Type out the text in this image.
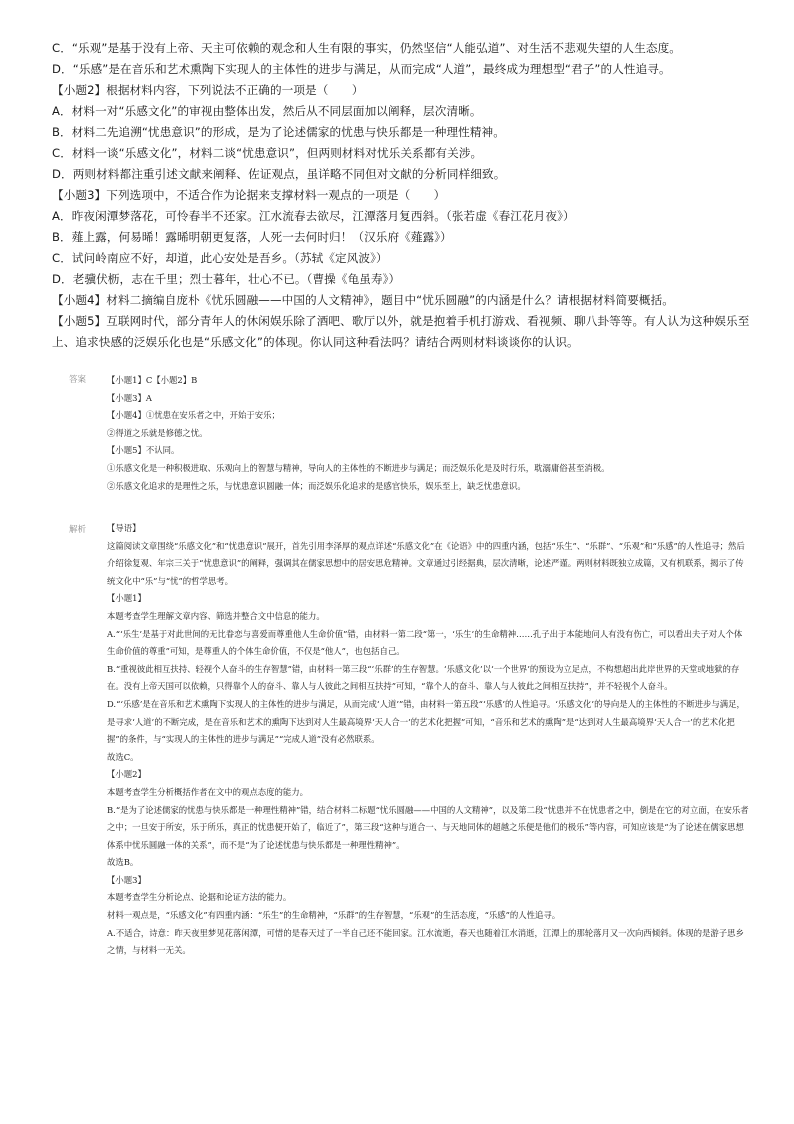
C．“乐观”是基于没有上帝、天主可依赖的观念和人生有限的事实，仍然坚信“人能弘道”、对生活不悲观失望的人生态度。
D．“乐感”是在音乐和艺术熏陶下实现人的主体性的进步与满足，从而完成“人道”，最终成为理想型“君子”的人性追寻。
【小题2】根据材料内容，下列说法不正确的一项是（　　）
A．材料一对“乐感文化”的审视由整体出发，然后从不同层面加以阐释，层次清晰。
B．材料二先追溯“忧患意识”的形成，是为了论述儒家的忧患与快乐都是一种理性精神。
C．材料一谈“乐感文化”，材料二谈“忧患意识”，但两则材料对忧乐关系都有关涉。
D．两则材料都注重引述文献来阐释、佐证观点，虽详略不同但对文献的分析同样细致。
【小题3】下列选项中，不适合作为论据来支撑材料一观点的一项是（　　）
A．昨夜闲潭梦落花，可怜春半不还家。江水流春去欲尽，江潭落月复西斜。（张若虚《春江花月夜》）
B．薤上露，何易晞！露晞明朝更复落，人死一去何时归！（汉乐府《薤露》）
C．试问岭南应不好，却道，此心安处是吾乡。（苏轼《定风波》）
D．老骥伏枥，志在千里；烈士暮年，壮心不已。（曹操《龟虽寿》）
【小题4】材料二摘编自庞朴《忧乐圆融——中国的人文精神》，题目中“忧乐圆融”的内涵是什么？请根据材料简要概括。
【小题5】互联网时代，部分青年人的休闲娱乐除了酒吧、歌厅以外，就是抱着手机打游戏、看视频、聊八卦等等。有人认为这种娱乐至上、追求快感的泛娱乐化也是“乐感文化”的体现。你认同这种看法吗？请结合两则材料谈谈你的认识。
答案 【小题1】C【小题2】B
【小题3】A
【小题4】①忧患在安乐者之中，开始于安乐；
②得道之乐就是修德之忧。
【小题5】不认同。
①乐感文化是一种积极进取、乐观向上的智慧与精神，导向人的主体性的不断进步与满足；而泛娱乐化是及时行乐，耽溺庸俗甚至消极。
②乐感文化追求的是理性之乐，与忧患意识圆融一体；而泛娱乐化追求的是感官快乐，娱乐至上，缺乏忧患意识。
解析 【导语】
这篇阅读文章围绕“乐感文化”和“忧患意识”展开，首先引用李泽厚的观点详述“乐感文化”在《论语》中的四重内涵，包括“乐生”、“乐群”、“乐观”和“乐感”的人性追寻；然后介绍徐复观、年宗三关于“忧患意识”的阐释，强调其在儒家思想中的居安思危精神。文章通过引经据典，层次清晰，论述严谨。两则材料既独立成篇，又有机联系，揭示了传统文化中“乐”与“忧”的哲学思考。
【小题1】
本题考查学生理解文章内容、筛选并整合文中信息的能力。
A.“‘乐生’是基于对此世间的无比眷恋与喜爱而尊重他人生命价值”错，由材料一第二段“第一，‘乐生’的生命精神……孔子出于本能地问人有没有伤亡，可以看出夫子对人个体生命价值的尊重”可知，是尊重人的个体生命价值，不仅是“他人”，也包括自己。
B.“重视彼此相互扶持、轻视个人奋斗的生存智慧”错，由材料一第三段“‘乐群’的生存智慧。‘乐感文化’以‘一个世界’的预设为立足点，不构想超出此岸世界的天堂或地狱的存在。没有上帝天国可以依赖，只得靠个人的奋斗、靠人与人彼此之间相互扶持”可知，“靠个人的奋斗、靠人与人彼此之间相互扶持”，并不轻视个人奋斗。
D.“‘乐感’是在音乐和艺术熏陶下实现人的主体性的进步与满足，从而完成‘人道’”错，由材料一第五段“‘乐感’的人性追寻。‘乐感文化’的导向是人的主体性的不断进步与满足，是寻求‘人道’的不断完成，是在音乐和艺术的熏陶下达到对人生最高境界‘天人合一’的艺术化把握”可知，“音乐和艺术的熏陶”是“达到对人生最高境界‘天人合一’的艺术化把握”的条件，与“实现人的主体性的进步与满足”“完成人道”没有必然联系。
故选C。
【小题2】
本题考查学生分析概括作者在文中的观点态度的能力。
B.“是为了论述儒家的忧患与快乐都是一种理性精神”错，结合材料二标题“忧乐圆融——中国的人文精神”，以及第二段“忧患并不在忧患者之中，倒是在它的对立面，在安乐者之中；一旦安于所安，乐于所乐，真正的忧患便开始了，临近了”，第三段“这种与道合一、与天地同体的超越之乐便是他们的极乐”等内容，可知应该是“为了论述在儒家思想体系中忧乐圆融一体的关系”，而不是“为了论述忧患与快乐都是一种理性精神”。
故选B。
【小题3】
本题考查学生分析论点、论据和论证方法的能力。
材料一观点是，“乐感文化”有四重内涵：“乐生”的生命精神，“乐群”的生存智慧，“乐观”的生活态度，“乐感”的人性追寻。
A.不适合，诗意：昨天夜里梦见花落闲潭，可惜的是春天过了一半自己还不能回家。江水流逝，春天也随着江水消逝，江潭上的那轮落月又一次向西倾斜。体现的是游子思乡之情，与材料一无关。
